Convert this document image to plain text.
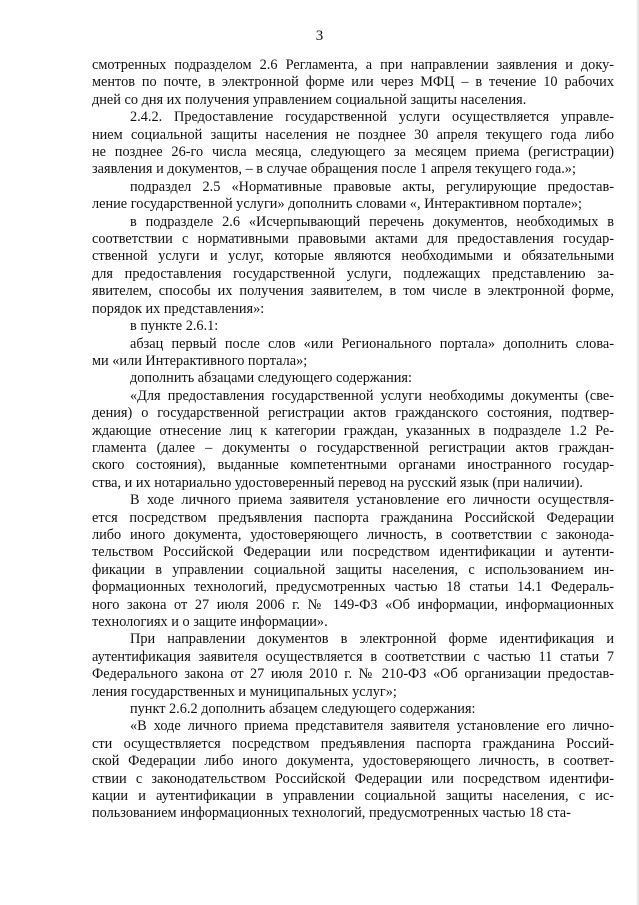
3
смотренных подразделом 2.6 Регламента, а при направлении заявления и доку-
ментов по почте, в электронной форме или через МФЦ – в течение 10 рабочих
дней со дня их получения управлением социальной защиты населения.
2.4.2. Предоставление государственной услуги осуществляется управле-
нием социальной защиты населения не позднее 30 апреля текущего года либо
не позднее 26-го числа месяца, следующего за месяцем приема (регистрации)
заявления и документов, – в случае обращения после 1 апреля текущего года.»;
подраздел 2.5 «Нормативные правовые акты, регулирующие предостав-
ление государственной услуги» дополнить словами «, Интерактивном портале»;
в подразделе 2.6 «Исчерпывающий перечень документов, необходимых в
соответствии с нормативными правовыми актами для предоставления государ-
ственной услуги и услуг, которые являются необходимыми и обязательными
для предоставления государственной услуги, подлежащих представлению за-
явителем, способы их получения заявителем, в том числе в электронной форме,
порядок их представления»:
в пункте 2.6.1:
абзац первый после слов «или Регионального портала» дополнить слова-
ми «или Интерактивного портала»;
дополнить абзацами следующего содержания:
«Для предоставления государственной услуги необходимы документы (све-
дения) о государственной регистрации актов гражданского состояния, подтвер-
ждающие отнесение лиц к категории граждан, указанных в подразделе 1.2 Ре-
гламента (далее – документы о государственной регистрации актов граждан-
ского состояния), выданные компетентными органами иностранного государ-
ства, и их нотариально удостоверенный перевод на русский язык (при наличии).
В ходе личного приема заявителя установление его личности осуществля-
ется посредством предъявления паспорта гражданина Российской Федерации
либо иного документа, удостоверяющего личность, в соответствии с законода-
тельством Российской Федерации или посредством идентификации и аутенти-
фикации в управлении социальной защиты населения, с использованием ин-
формационных технологий, предусмотренных частью 18 статьи 14.1 Федераль-
ного закона от 27 июля 2006 г. № 149-ФЗ «Об информации, информационных
технологиях и о защите информации».
При направлении документов в электронной форме идентификация и
аутентификация заявителя осуществляется в соответствии с частью 11 статьи 7
Федерального закона от 27 июля 2010 г. № 210-ФЗ «Об организации предостав-
ления государственных и муниципальных услуг»;
пункт 2.6.2 дополнить абзацем следующего содержания:
«В ходе личного приема представителя заявителя установление его лично-
сти осуществляется посредством предъявления паспорта гражданина Россий-
ской Федерации либо иного документа, удостоверяющего личность, в соответ-
ствии с законодательством Российской Федерации или посредством идентифи-
кации и аутентификации в управлении социальной защиты населения, с ис-
пользованием информационных технологий, предусмотренных частью 18 ста-
